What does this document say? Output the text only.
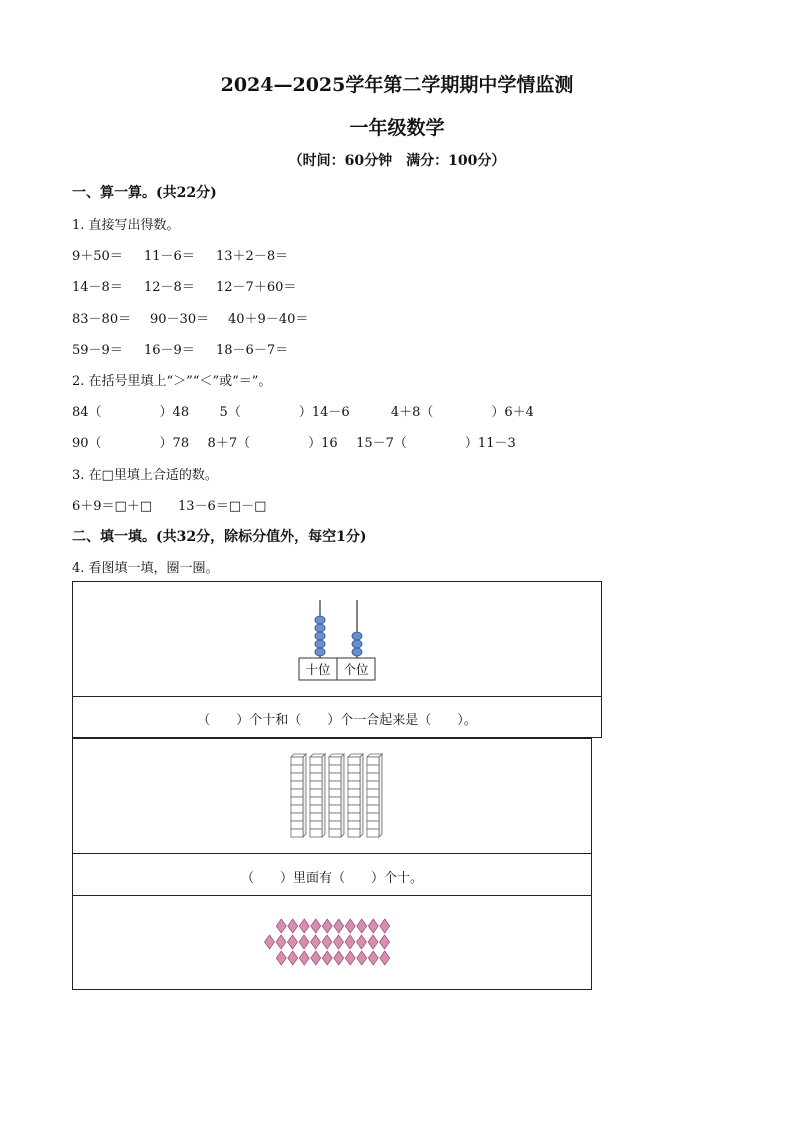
2024—2025学年第二学期期中学情监测
一年级数学
（时间：60分钟　满分：100分）
一、算一算。(共22分)
1. 直接写出得数。
9＋50＝ 11－6＝ 13＋2－8＝
14－8＝ 12－8＝ 12－7＋60＝
83－80＝ 90－30＝ 40＋9－40＝
59－9＝ 16－9＝ 18－6－7＝
2. 在括号里填上“＞”“＜”或“＝”。
84（	）48 5（	）14－6	4＋8（	）6＋4
90（	）78 8＋7（	）16 15－7（	）11－3
3. 在□里填上合适的数。
6＋9＝□＋□ 13－6＝□－□
二、填一填。(共32分，除标分值外，每空1分)
4. 看图填一填，圈一圈。
十位 个位
（　　）个十和（　　）个一合起来是（　　）。
（　　）里面有（　　）个十。
